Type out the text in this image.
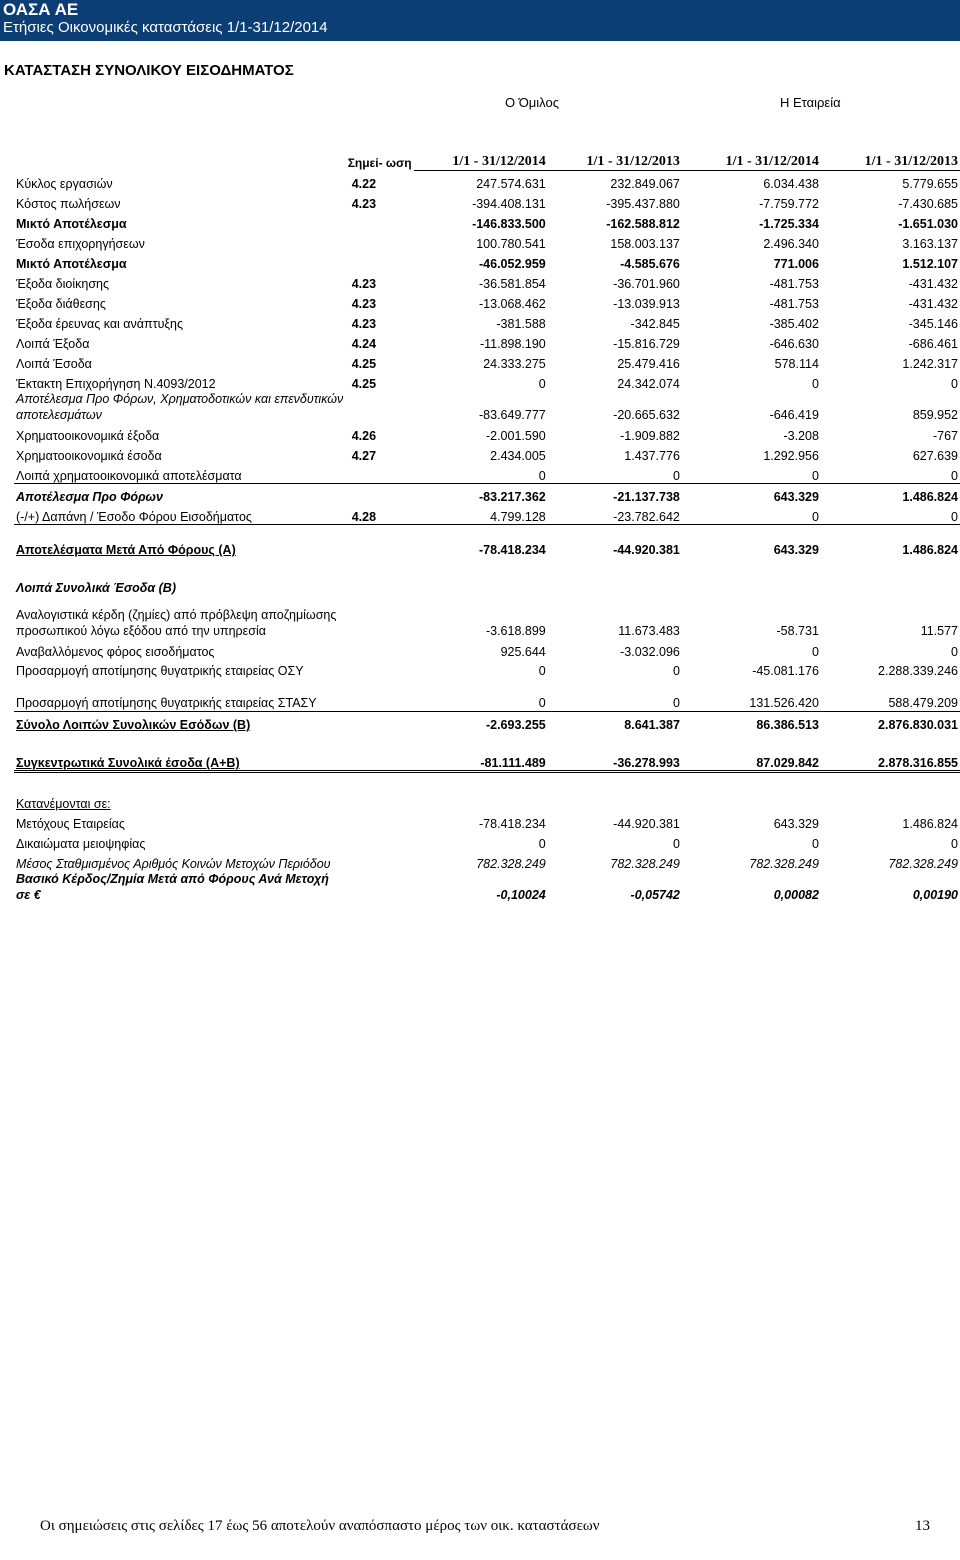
ΟΑΣΑ ΑΕ
Ετήσιες Οικονομικές καταστάσεις 1/1-31/12/2014
ΚΑΤΑΣΤΑΣΗ ΣΥΝΟΛΙΚΟΥ ΕΙΣΟΔΗΜΑΤΟΣ
Ο Όμιλος	Η Εταιρεία
	Σημεί- ωση	1/1 - 31/12/2014	1/1 - 31/12/2013	1/1 - 31/12/2014	1/1 - 31/12/2013
Κύκλος εργασιών	4.22	247.574.631	232.849.067	6.034.438	5.779.655
Κόστος πωλήσεων	4.23	-394.408.131	-395.437.880	-7.759.772	-7.430.685
Μικτό Αποτέλεσμα		-146.833.500	-162.588.812	-1.725.334	-1.651.030
Έσοδα επιχορηγήσεων		100.780.541	158.003.137	2.496.340	3.163.137
Μικτό Αποτέλεσμα		-46.052.959	-4.585.676	771.006	1.512.107
Έξοδα διοίκησης	4.23	-36.581.854	-36.701.960	-481.753	-431.432
Έξοδα διάθεσης	4.23	-13.068.462	-13.039.913	-481.753	-431.432
Έξοδα έρευνας και ανάπτυξης	4.23	-381.588	-342.845	-385.402	-345.146
Λοιπά Έξοδα	4.24	-11.898.190	-15.816.729	-646.630	-686.461
Λοιπά Έσοδα	4.25	24.333.275	25.479.416	578.114	1.242.317
Έκτακτη Επιχορήγηση Ν.4093/2012	4.25	0	24.342.074	0	0
Αποτέλεσμα Προ Φόρων, Χρηματοδοτικών και επενδυτικών αποτελεσμάτων		-83.649.777	-20.665.632	-646.419	859.952
Χρηματοοικονομικά έξοδα	4.26	-2.001.590	-1.909.882	-3.208	-767
Χρηματοοικονομικά έσοδα	4.27	2.434.005	1.437.776	1.292.956	627.639
Λοιπά χρηματοοικονομικά αποτελέσματα		0	0	0	0
Αποτέλεσμα Προ Φόρων		-83.217.362	-21.137.738	643.329	1.486.824
(-/+) Δαπάνη / Έσοδο Φόρου Εισοδήματος	4.28	4.799.128	-23.782.642	0	0

Αποτελέσματα Μετά Από Φόρους (Α)		-78.418.234	-44.920.381	643.329	1.486.824

Λοιπά Συνολικά Έσοδα (Β)					

Αναλογιστικά κέρδη (ζημίες) από πρόβλεψη αποζημίωσης προσωπικού λόγω εξόδου από την υπηρεσία		-3.618.899	11.673.483	-58.731	11.577
Αναβαλλόμενος φόρος εισοδήματος		925.644	-3.032.096	0	0
Προσαρμογή αποτίμησης θυγατρικής εταιρείας ΟΣΥ		0	0	-45.081.176	2.288.339.246

Προσαρμογή αποτίμησης θυγατρικής εταιρείας ΣΤΑΣΥ		0	0	131.526.420	588.479.209
Σύνολο Λοιπών Συνολικών Εσόδων (Β)		-2.693.255	8.641.387	86.386.513	2.876.830.031

Συγκεντρωτικά Συνολικά έσοδα (Α+Β)		-81.111.489	-36.278.993	87.029.842	2.878.316.855

Κατανέμονται σε:					
Μετόχους Εταιρείας		-78.418.234	-44.920.381	643.329	1.486.824
Δικαιώματα μειοψηφίας		0	0	0	0
Μέσος Σταθμισμένος Αριθμός Κοινών Μετοχών Περιόδου		782.328.249	782.328.249	782.328.249	782.328.249
Βασικό Κέρδος/Ζημία Μετά από Φόρους Ανά Μετοχή σε €		-0,10024	-0,05742	0,00082	0,00190
Οι σημειώσεις στις σελίδες 17 έως 56 αποτελούν αναπόσπαστο μέρος των οικ. καταστάσεων	13
